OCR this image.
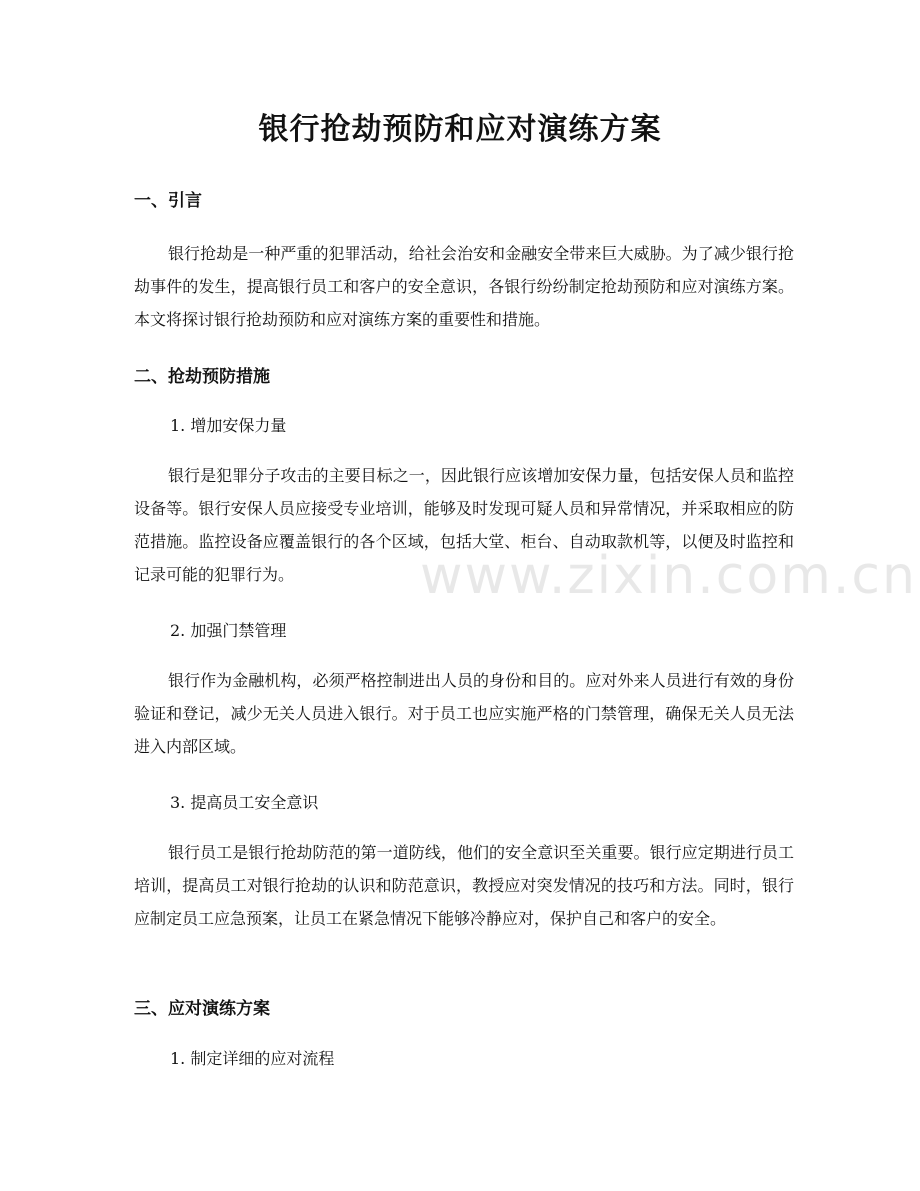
银行抢劫预防和应对演练方案
一、引言

银行抢劫是一种严重的犯罪活动，给社会治安和金融安全带来巨大威胁。为了减少银行抢劫事件的发生，提高银行员工和客户的安全意识，各银行纷纷制定抢劫预防和应对演练方案。本文将探讨银行抢劫预防和应对演练方案的重要性和措施。

二、抢劫预防措施
1. 增加安保力量

银行是犯罪分子攻击的主要目标之一，因此银行应该增加安保力量，包括安保人员和监控设备等。银行安保人员应接受专业培训，能够及时发现可疑人员和异常情况，并采取相应的防范措施。监控设备应覆盖银行的各个区域，包括大堂、柜台、自动取款机等，以便及时监控和记录可能的犯罪行为。

2. 加强门禁管理

银行作为金融机构，必须严格控制进出人员的身份和目的。应对外来人员进行有效的身份验证和登记，减少无关人员进入银行。对于员工也应实施严格的门禁管理，确保无关人员无法进入内部区域。

3. 提高员工安全意识

银行员工是银行抢劫防范的第一道防线，他们的安全意识至关重要。银行应定期进行员工培训，提高员工对银行抢劫的认识和防范意识，教授应对突发情况的技巧和方法。同时，银行应制定员工应急预案，让员工在紧急情况下能够冷静应对，保护自己和客户的安全。

三、应对演练方案
1. 制定详细的应对流程
www.zixin.com.cn
